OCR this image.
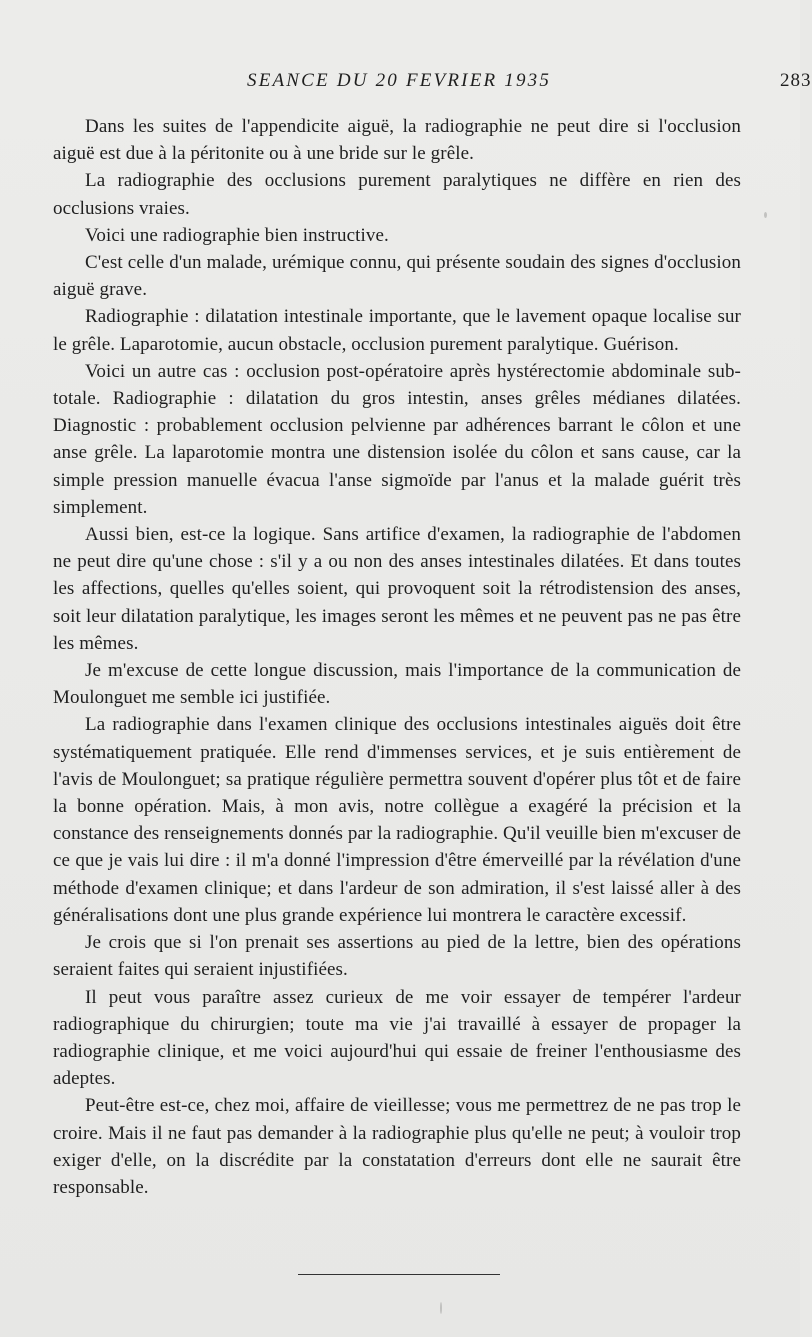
SEANCE DU 20 FEVRIER 1935	283

Dans les suites de l'appendicite aiguë, la radiographie ne peut dire si l'occlusion aiguë est due à la péritonite ou à une bride sur le grêle.

La radiographie des occlusions purement paralytiques ne diffère en rien des occlusions vraies.

Voici une radiographie bien instructive.

C'est celle d'un malade, urémique connu, qui présente soudain des signes d'occlusion aiguë grave.

Radiographie : dilatation intestinale importante, que le lavement opaque localise sur le grêle. Laparotomie, aucun obstacle, occlusion purement paralytique. Guérison.

Voici un autre cas : occlusion post-opératoire après hystérectomie abdominale sub-totale. Radiographie : dilatation du gros intestin, anses grêles médianes dilatées. Diagnostic : probablement occlusion pelvienne par adhérences barrant le côlon et une anse grêle. La laparotomie montra une distension isolée du côlon et sans cause, car la simple pression manuelle évacua l'anse sigmoïde par l'anus et la malade guérit très simplement.

Aussi bien, est-ce la logique. Sans artifice d'examen, la radiographie de l'abdomen ne peut dire qu'une chose : s'il y a ou non des anses intestinales dilatées. Et dans toutes les affections, quelles qu'elles soient, qui provoquent soit la rétrodistension des anses, soit leur dilatation paralytique, les images seront les mêmes et ne peuvent pas ne pas être les mêmes.

Je m'excuse de cette longue discussion, mais l'importance de la communication de Moulonguet me semble ici justifiée.

La radiographie dans l'examen clinique des occlusions intestinales aiguës doit être systématiquement pratiquée. Elle rend d'immenses services, et je suis entièrement de l'avis de Moulonguet; sa pratique régulière permettra souvent d'opérer plus tôt et de faire la bonne opération. Mais, à mon avis, notre collègue a exagéré la précision et la constance des renseignements donnés par la radiographie. Qu'il veuille bien m'excuser de ce que je vais lui dire : il m'a donné l'impression d'être émerveillé par la révélation d'une méthode d'examen clinique; et dans l'ardeur de son admiration, il s'est laissé aller à des généralisations dont une plus grande expérience lui montrera le caractère excessif.

Je crois que si l'on prenait ses assertions au pied de la lettre, bien des opérations seraient faites qui seraient injustifiées.

Il peut vous paraître assez curieux de me voir essayer de tempérer l'ardeur radiographique du chirurgien; toute ma vie j'ai travaillé à essayer de propager la radiographie clinique, et me voici aujourd'hui qui essaie de freiner l'enthousiasme des adeptes.

Peut-être est-ce, chez moi, affaire de vieillesse; vous me permettrez de ne pas trop le croire. Mais il ne faut pas demander à la radiographie plus qu'elle ne peut; à vouloir trop exiger d'elle, on la discrédite par la constatation d'erreurs dont elle ne saurait être responsable.
